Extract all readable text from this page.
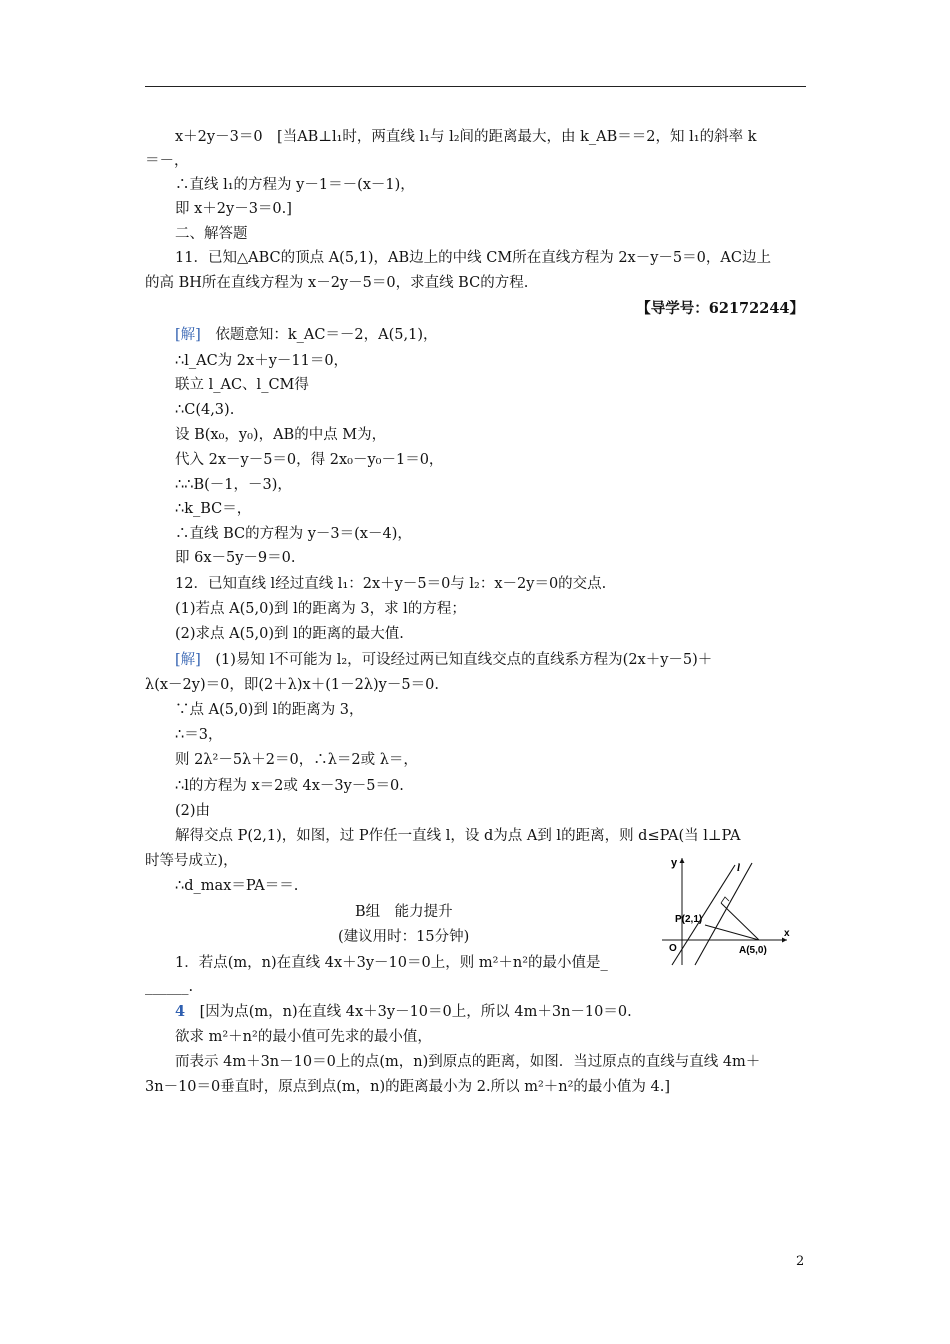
x＋2y－3＝0　[当AB⊥l₁时，两直线 l₁与 l₂间的距离最大，由 k_AB＝＝2，知 l₁的斜率 k
＝－，
∴直线 l₁的方程为 y－1＝－(x－1)，
即 x＋2y－3＝0.]
二、解答题
11．已知△ABC的顶点 A(5,1)，AB边上的中线 CM所在直线方程为 2x－y－5＝0，AC边上
的高 BH所在直线方程为 x－2y－5＝0，求直线 BC的方程.
【导学号：62172244】
[解]　 依题意知：k_AC＝－2，A(5,1)，
∴l_AC为 2x＋y－11＝0，
联立 l_AC、l_CM得
∴C(4,3).
设 B(x₀，y₀)，AB的中点 M为，
代入 2x－y－5＝0，得 2x₀－y₀－1＝0，
∴∴B(－1，－3)，
∴k_BC＝，
∴直线 BC的方程为 y－3＝(x－4)，
即 6x－5y－9＝0.
12．已知直线 l经过直线 l₁：2x＋y－5＝0与 l₂：x－2y＝0的交点.
(1)若点 A(5,0)到 l的距离为 3，求 l的方程；
(2)求点 A(5,0)到 l的距离的最大值.
[解]　 (1)易知 l不可能为 l₂，可设经过两已知直线交点的直线系方程为(2x＋y－5)＋
λ(x－2y)＝0，即(2＋λ)x＋(1－2λ)y－5＝0.
∵点 A(5,0)到 l的距离为 3，
∴＝3，
则 2λ²－5λ＋2＝0，∴λ＝2或 λ＝，
∴l的方程为 x＝2或 4x－3y－5＝0.
(2)由
解得交点 P(2,1)，如图，过 P作任一直线 l，设 d为点 A到 l的距离，则 d≤PA(当 l⊥PA
时等号成立)，
∴d_max＝PA＝＝.
B组　能力提升
(建议用时：15分钟)
1．若点(m，n)在直线 4x＋3y－10＝0上，则 m²＋n²的最小值是_
______.
4　 [因为点(m，n)在直线 4x＋3y－10＝0上，所以 4m＋3n－10＝0.
欲求 m²＋n²的最小值可先求的最小值，
而表示 4m＋3n－10＝0上的点(m，n)到原点的距离，如图．当过原点的直线与直线 4m＋
3n－10＝0垂直时，原点到点(m，n)的距离最小为 2.所以 m²＋n²的最小值为 4.]
y	l
P(2,1)
O	A(5,0)
x
2
